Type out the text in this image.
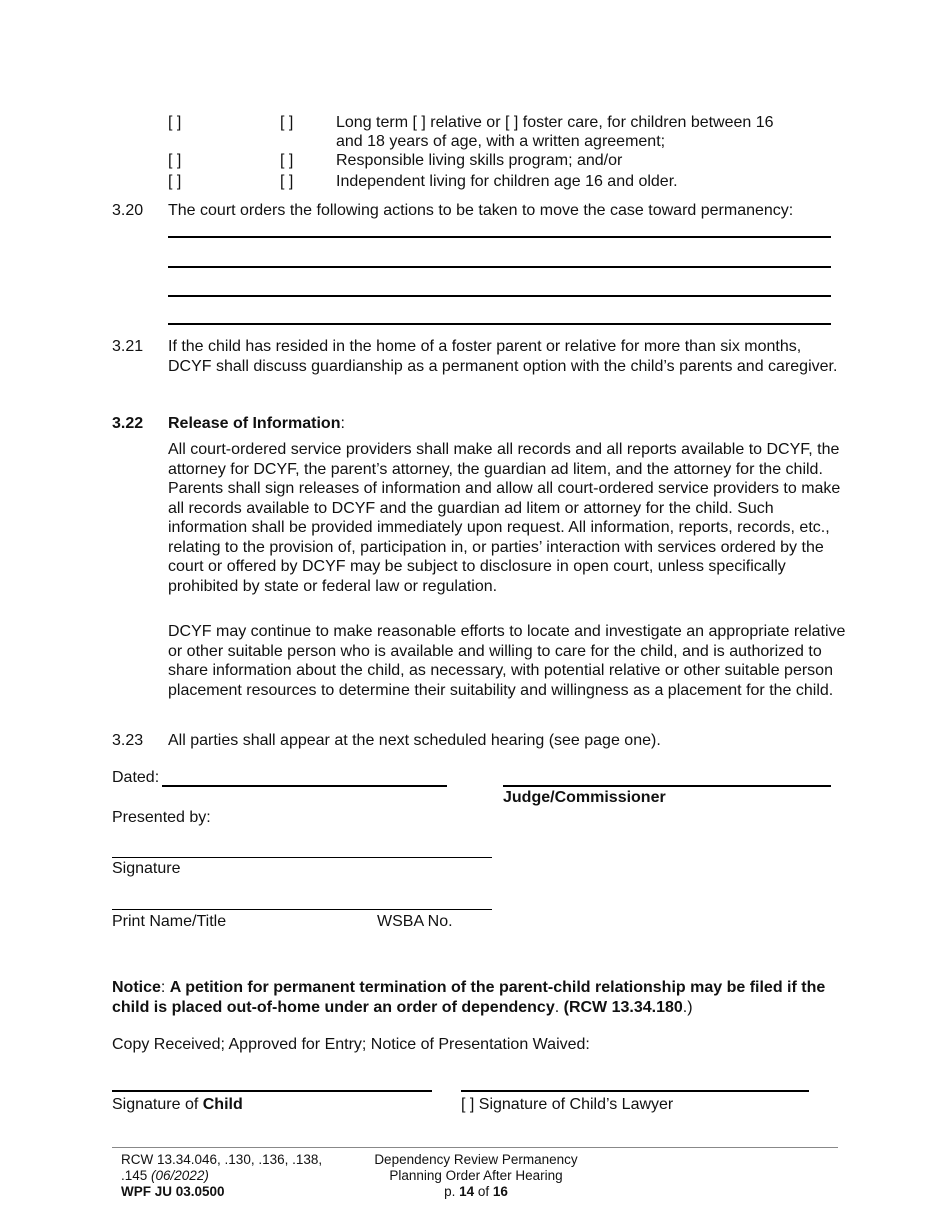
[ ]	[ ]	Long term [ ] relative or [ ] foster care, for children between 16
and 18 years of age, with a written agreement;
[ ]	[ ]	Responsible living skills program; and/or
[ ]	[ ]	Independent living for children age 16 and older.
3.20 The court orders the following actions to be taken to move the case toward permanency:
3.21 If the child has resided in the home of a foster parent or relative for more than six months, DCYF shall discuss guardianship as a permanent option with the child’s parents and caregiver.
3.22 Release of Information:
All court-ordered service providers shall make all records and all reports available to DCYF, the attorney for DCYF, the parent’s attorney, the guardian ad litem, and the attorney for the child. Parents shall sign releases of information and allow all court-ordered service providers to make all records available to DCYF and the guardian ad litem or attorney for the child. Such information shall be provided immediately upon request. All information, reports, records, etc., relating to the provision of, participation in, or parties’ interaction with services ordered by the court or offered by DCYF may be subject to disclosure in open court, unless specifically prohibited by state or federal law or regulation.
DCYF may continue to make reasonable efforts to locate and investigate an appropriate relative or other suitable person who is available and willing to care for the child, and is authorized to share information about the child, as necessary, with potential relative or other suitable person placement resources to determine their suitability and willingness as a placement for the child.
3.23 All parties shall appear at the next scheduled hearing (see page one).
Dated:
Judge/Commissioner
Presented by:
Signature
Print Name/Title	WSBA No.
Notice: A petition for permanent termination of the parent-child relationship may be filed if the child is placed out-of-home under an order of dependency. (RCW 13.34.180.)
Copy Received; Approved for Entry; Notice of Presentation Waived:
Signature of Child	[ ] Signature of Child’s Lawyer
RCW 13.34.046, .130, .136, .138,
.145 (06/2022)
WPF JU 03.0500
Dependency Review Permanency
Planning Order After Hearing
p. 14 of 16
